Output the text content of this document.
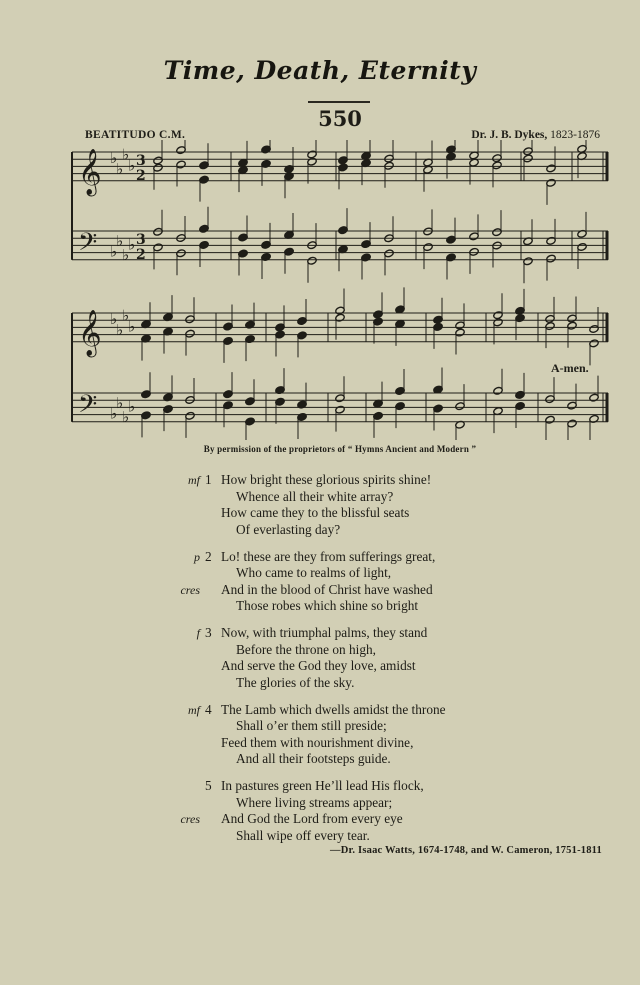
Time, Death, Eternity
550
BEATITUDO C.M.	Dr. J. B. Dykes, 1823-1876
𝄞 ♭
♭
♭
♭
𝄢 ♭
♭
♭
♭
𝄞 ♭
♭
♭
♭
𝄢 ♭
♭
♭
♭
3
2
3
2
A-men.
By permission of the proprietors of “ Hymns Ancient and Modern ”
mf 1 How bright these glorious spirits shine!
Whence all their white array?
How came they to the blissful seats
Of everlasting day?
p 2 Lo! these are they from sufferings great,
Who came to realms of light,
And in the blood of Christ have washed
cres
Those robes which shine so bright
f 3 Now, with triumphal palms, they stand
Before the throne on high,
And serve the God they love, amidst
The glories of the sky.
mf 4 The Lamb which dwells amidst the throne
Shall o’er them still preside;
Feed them with nourishment divine,
And all their footsteps guide.
5 In pastures green He’ll lead His flock,
Where living streams appear;
And God the Lord from every eye
cres
Shall wipe off every tear.
—Dr. Isaac Watts, 1674-1748, and W. Cameron, 1751-1811
